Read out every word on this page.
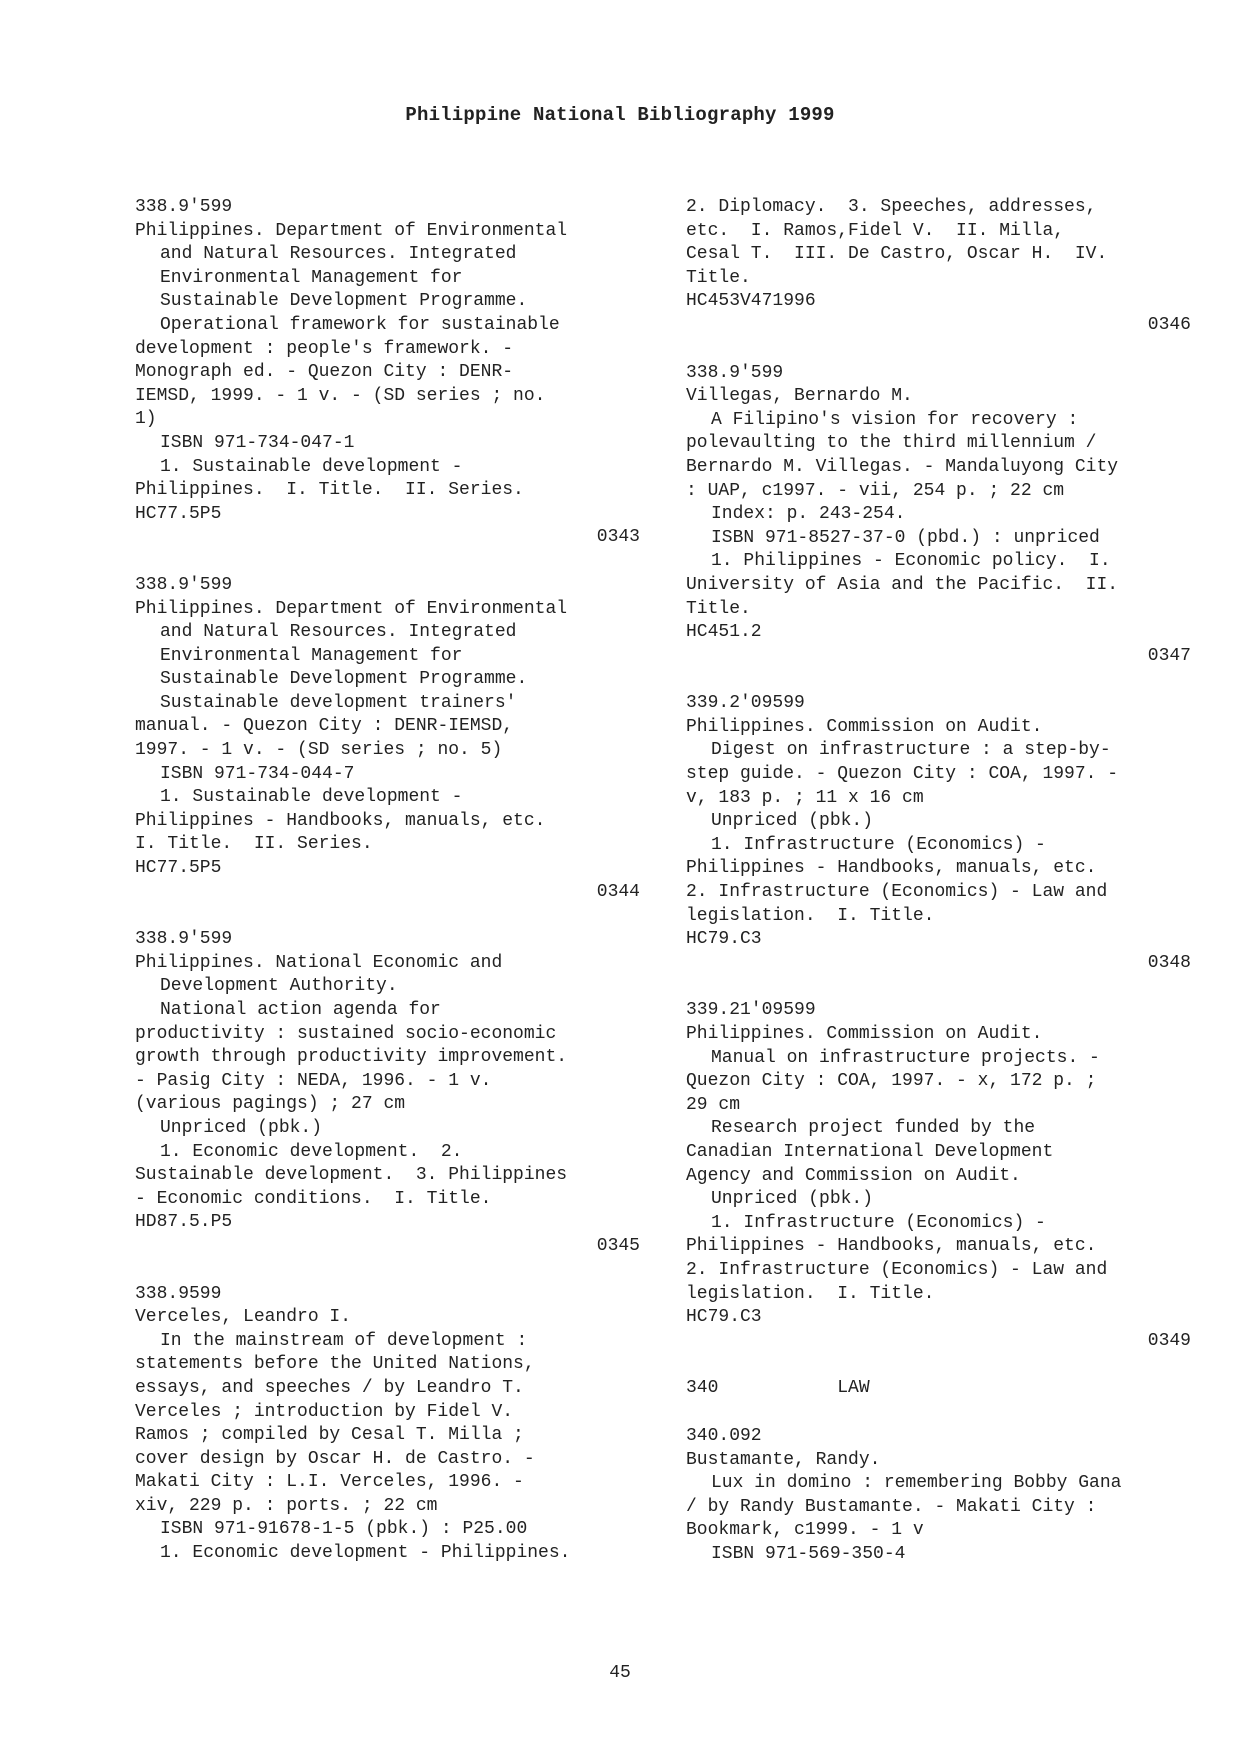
Philippine National Bibliography 1999
338.9'599
Philippines. Department of Environmental
and Natural Resources. Integrated
Environmental Management for
Sustainable Development Programme.
Operational framework for sustainable
development : people's framework. -
Monograph ed. - Quezon City : DENR-
IEMSD, 1999. - 1 v. - (SD series ; no.
1)
ISBN 971-734-047-1
1. Sustainable development -
Philippines.  I. Title.  II. Series.
HC77.5P5
0343
338.9'599
Philippines. Department of Environmental
and Natural Resources. Integrated
Environmental Management for
Sustainable Development Programme.
Sustainable development trainers'
manual. - Quezon City : DENR-IEMSD,
1997. - 1 v. - (SD series ; no. 5)
ISBN 971-734-044-7
1. Sustainable development -
Philippines - Handbooks, manuals, etc.
I. Title.  II. Series.
HC77.5P5
0344
338.9'599
Philippines. National Economic and
Development Authority.
National action agenda for
productivity : sustained socio-economic
growth through productivity improvement.
- Pasig City : NEDA, 1996. - 1 v.
(various pagings) ; 27 cm
Unpriced (pbk.)
1. Economic development.  2.
Sustainable development.  3. Philippines
- Economic conditions.  I. Title.
HD87.5.P5
0345
338.9599
Verceles, Leandro I.
In the mainstream of development :
statements before the United Nations,
essays, and speeches / by Leandro T.
Verceles ; introduction by Fidel V.
Ramos ; compiled by Cesal T. Milla ;
cover design by Oscar H. de Castro. -
Makati City : L.I. Verceles, 1996. -
xiv, 229 p. : ports. ; 22 cm
ISBN 971-91678-1-5 (pbk.) : P25.00
1. Economic development - Philippines.
2. Diplomacy.  3. Speeches, addresses,
etc.  I. Ramos,Fidel V.  II. Milla,
Cesal T.  III. De Castro, Oscar H.  IV.
Title.
HC453V471996
0346
338.9'599
Villegas, Bernardo M.
A Filipino's vision for recovery :
polevaulting to the third millennium /
Bernardo M. Villegas. - Mandaluyong City
: UAP, c1997. - vii, 254 p. ; 22 cm
Index: p. 243-254.
ISBN 971-8527-37-0 (pbd.) : unpriced
1. Philippines - Economic policy.  I.
University of Asia and the Pacific.  II.
Title.
HC451.2
0347
339.2'09599
Philippines. Commission on Audit.
Digest on infrastructure : a step-by-
step guide. - Quezon City : COA, 1997. -
v, 183 p. ; 11 x 16 cm
Unpriced (pbk.)
1. Infrastructure (Economics) -
Philippines - Handbooks, manuals, etc.
2. Infrastructure (Economics) - Law and
legislation.  I. Title.
HC79.C3
0348
339.21'09599
Philippines. Commission on Audit.
Manual on infrastructure projects. -
Quezon City : COA, 1997. - x, 172 p. ;
29 cm
Research project funded by the
Canadian International Development
Agency and Commission on Audit.
Unpriced (pbk.)
1. Infrastructure (Economics) -
Philippines - Handbooks, manuals, etc.
2. Infrastructure (Economics) - Law and
legislation.  I. Title.
HC79.C3
0349
340           LAW
340.092
Bustamante, Randy.
Lux in domino : remembering Bobby Gana
/ by Randy Bustamante. - Makati City :
Bookmark, c1999. - 1 v
ISBN 971-569-350-4
45
